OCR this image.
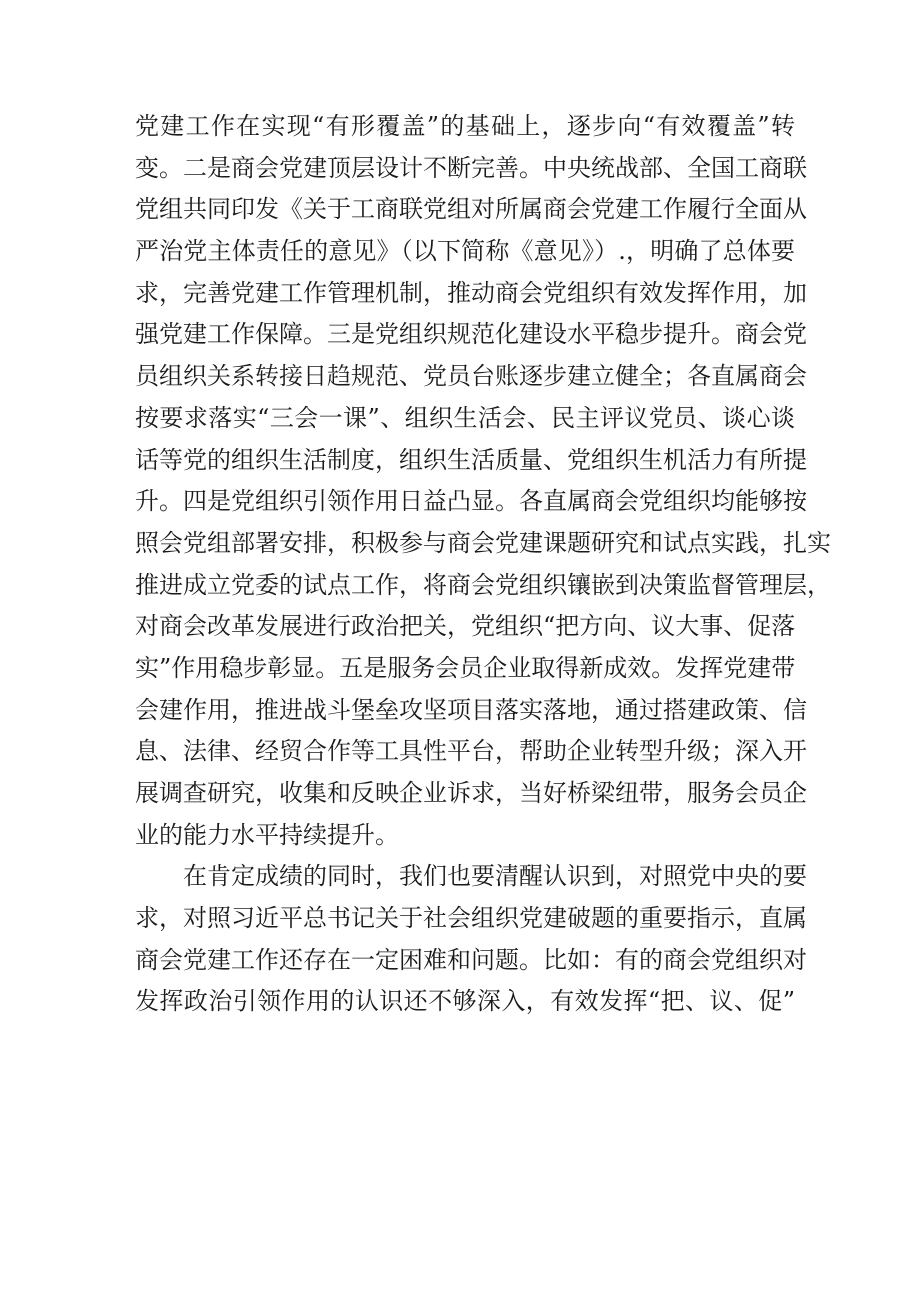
党建工作在实现“有形覆盖”的基础上，逐步向“有效覆盖”转
变。二是商会党建顶层设计不断完善。中央统战部、全国工商联
党组共同印发《关于工商联党组对所属商会党建工作履行全面从
严治党主体责任的意见》（以下简称《意见》）.，明确了总体要
求，完善党建工作管理机制，推动商会党组织有效发挥作用，加
强党建工作保障。三是党组织规范化建设水平稳步提升。商会党
员组织关系转接日趋规范、党员台账逐步建立健全；各直属商会
按要求落实“三会一课”、组织生活会、民主评议党员、谈心谈
话等党的组织生活制度，组织生活质量、党组织生机活力有所提
升。四是党组织引领作用日益凸显。各直属商会党组织均能够按
照会党组部署安排，积极参与商会党建课题研究和试点实践，扎实
推进成立党委的试点工作，将商会党组织镶嵌到决策监督管理层，
对商会改革发展进行政治把关，党组织“把方向、议大事、促落
实”作用稳步彰显。五是服务会员企业取得新成效。发挥党建带
会建作用，推进战斗堡垒攻坚项目落实落地，通过搭建政策、信
息、法律、经贸合作等工具性平台，帮助企业转型升级；深入开
展调查研究，收集和反映企业诉求，当好桥梁纽带，服务会员企
业的能力水平持续提升。
在肯定成绩的同时，我们也要清醒认识到，对照党中央的要
求，对照习近平总书记关于社会组织党建破题的重要指示，直属
商会党建工作还存在一定困难和问题。比如：有的商会党组织对
发挥政治引领作用的认识还不够深入，有效发挥“把、议、促”
